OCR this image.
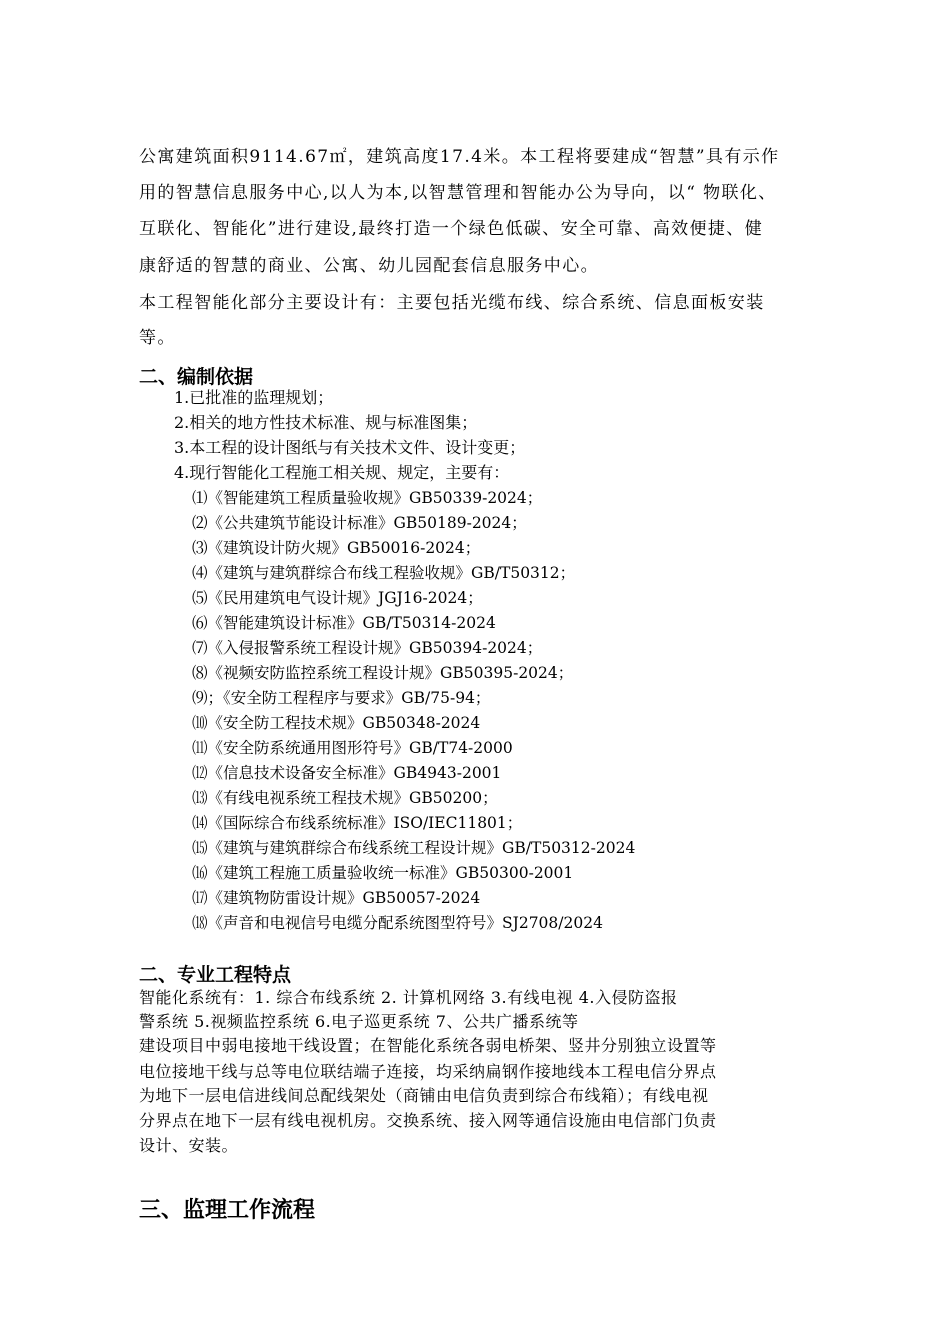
公寓建筑面积9114.67㎡，建筑高度17.4米。本工程将要建成“智慧”具有示作
用的智慧信息服务中心,以人为本,以智慧管理和智能办公为导向，以“ 物联化、
互联化、智能化”进行建设,最终打造一个绿色低碳、安全可靠、高效便捷、健
康舒适的智慧的商业、公寓、幼儿园配套信息服务中心。
本工程智能化部分主要设计有：主要包括光缆布线、综合系统、信息面板安装
等。
二、编制依据
1.已批准的监理规划；
2.相关的地方性技术标准、规与标准图集；
3.本工程的设计图纸与有关技术文件、设计变更；
4.现行智能化工程施工相关规、规定，主要有：
⑴《智能建筑工程质量验收规》GB50339-2024；
⑵《公共建筑节能设计标准》GB50189-2024；
⑶《建筑设计防火规》GB50016-2024；
⑷《建筑与建筑群综合布线工程验收规》GB/T50312；
⑸《民用建筑电气设计规》JGJ16-2024；
⑹《智能建筑设计标准》GB/T50314-2024
⑺《入侵报警系统工程设计规》GB50394-2024；
⑻《视频安防监控系统工程设计规》GB50395-2024；
⑼；《安全防工程程序与要求》GB/75-94；
⑽《安全防工程技术规》GB50348-2024
⑾《安全防系统通用图形符号》GB/T74-2000
⑿《信息技术设备安全标准》GB4943-2001
⒀《有线电视系统工程技术规》GB50200；
⒁《国际综合布线系统标准》ISO/IEC11801；
⒂《建筑与建筑群综合布线系统工程设计规》GB/T50312-2024
⒃《建筑工程施工质量验收统一标准》GB50300-2001
⒄《建筑物防雷设计规》GB50057-2024
⒅《声音和电视信号电缆分配系统图型符号》SJ2708/2024
二、专业工程特点
智能化系统有：1. 综合布线系统 2. 计算机网络 3.有线电视 4.入侵防盗报
警系统 5.视频监控系统 6.电子巡更系统 7、公共广播系统等
建设项目中弱电接地干线设置；在智能化系统各弱电桥架、竖井分别独立设置等
电位接地干线与总等电位联结端子连接，均采纳扁钢作接地线本工程电信分界点
为地下一层电信进线间总配线架处（商铺由电信负责到综合布线箱）；有线电视
分界点在地下一层有线电视机房。交换系统、接入网等通信设施由电信部门负责
设计、安装。
三、监理工作流程
